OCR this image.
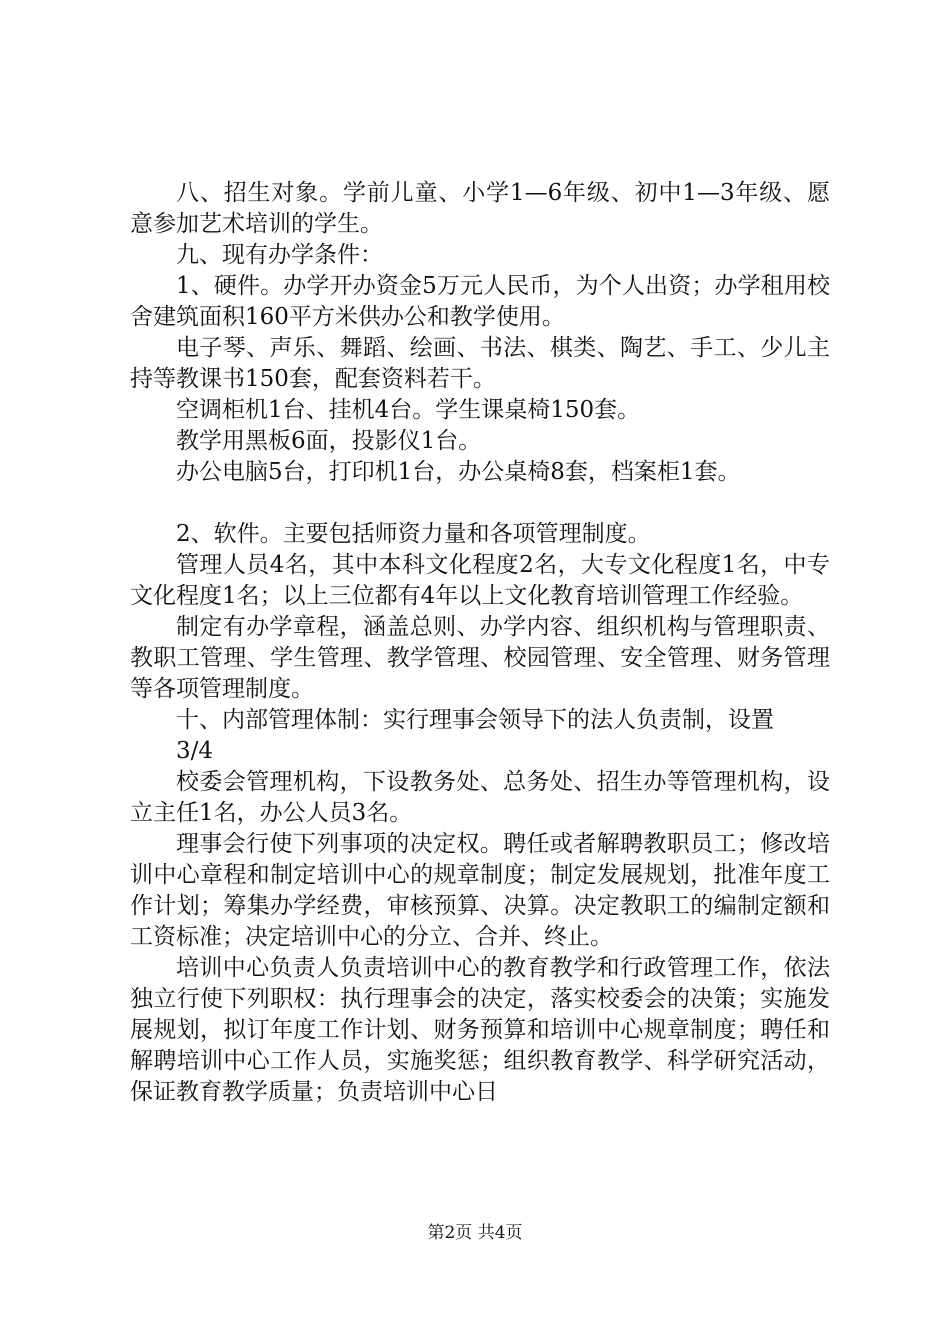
八、招生对象。学前儿童、小学1—6年级、初中1—3年级、愿意参加艺术培训的学生。

九、现有办学条件：

1、硬件。办学开办资金5万元人民币，为个人出资；办学租用校舍建筑面积160平方米供办公和教学使用。

电子琴、声乐、舞蹈、绘画、书法、棋类、陶艺、手工、少儿主持等教课书150套，配套资料若干。

空调柜机1台、挂机4台。学生课桌椅150套。

教学用黑板6面，投影仪1台。

办公电脑5台，打印机1台，办公桌椅8套，档案柜1套。

2、软件。主要包括师资力量和各项管理制度。

管理人员4名，其中本科文化程度2名，大专文化程度1名，中专文化程度1名；以上三位都有4年以上文化教育培训管理工作经验。

制定有办学章程，涵盖总则、办学内容、组织机构与管理职责、教职工管理、学生管理、教学管理、校园管理、安全管理、财务管理等各项管理制度。

十、内部管理体制：实行理事会领导下的法人负责制，设置

3/4

校委会管理机构，下设教务处、总务处、招生办等管理机构，设立主任1名，办公人员3名。

理事会行使下列事项的决定权。聘任或者解聘教职员工；修改培训中心章程和制定培训中心的规章制度；制定发展规划，批准年度工作计划；筹集办学经费，审核预算、决算。决定教职工的编制定额和工资标准；决定培训中心的分立、合并、终止。

培训中心负责人负责培训中心的教育教学和行政管理工作，依法独立行使下列职权：执行理事会的决定，落实校委会的决策；实施发展规划，拟订年度工作计划、财务预算和培训中心规章制度；聘任和解聘培训中心工作人员，实施奖惩；组织教育教学、科学研究活动，保证教育教学质量；负责培训中心日

第2页 共4页
